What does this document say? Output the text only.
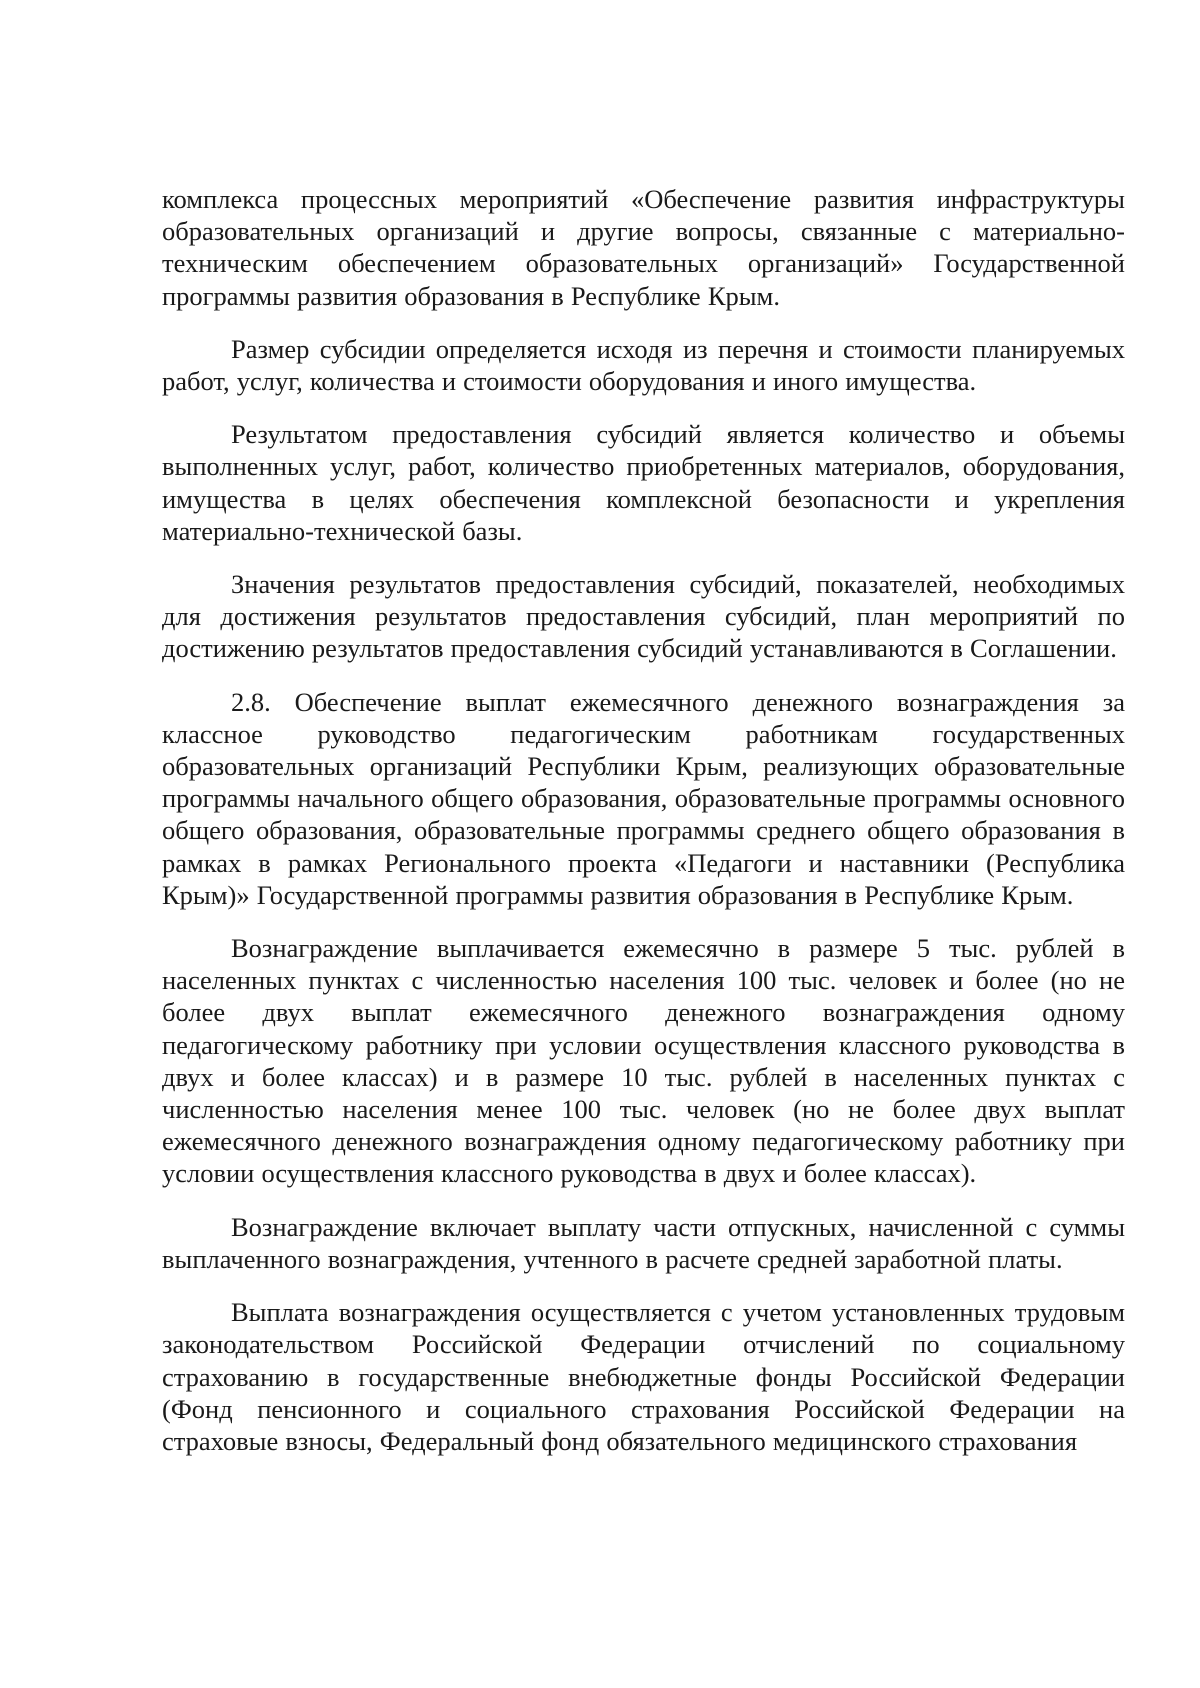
комплекса процессных мероприятий «Обеспечение развития инфраструктуры образовательных организаций и другие вопросы, связанные с материально-техническим обеспечением образовательных организаций» Государственной программы развития образования в Республике Крым.

Размер субсидии определяется исходя из перечня и стоимости планируемых работ, услуг, количества и стоимости оборудования и иного имущества.

Результатом предоставления субсидий является количество и объемы выполненных услуг, работ, количество приобретенных материалов, оборудования, имущества в целях обеспечения комплексной безопасности и укрепления материально-технической базы.

Значения результатов предоставления субсидий, показателей, необходимых для достижения результатов предоставления субсидий, план мероприятий по достижению результатов предоставления субсидий устанавливаются в Соглашении.

2.8. Обеспечение выплат ежемесячного денежного вознаграждения за классное руководство педагогическим работникам государственных образовательных организаций Республики Крым, реализующих образовательные программы начального общего образования, образовательные программы основного общего образования, образовательные программы среднего общего образования в рамках в рамках Регионального проекта «Педагоги и наставники (Республика Крым)» Государственной программы развития образования в Республике Крым.

Вознаграждение выплачивается ежемесячно в размере 5 тыс. рублей в населенных пунктах с численностью населения 100 тыс. человек и более (но не более двух выплат ежемесячного денежного вознаграждения одному педагогическому работнику при условии осуществления классного руководства в двух и более классах) и в размере 10 тыс. рублей в населенных пунктах с численностью населения менее 100 тыс. человек (но не более двух выплат ежемесячного денежного вознаграждения одному педагогическому работнику при условии осуществления классного руководства в двух и более классах).

Вознаграждение включает выплату части отпускных, начисленной с суммы выплаченного вознаграждения, учтенного в расчете средней заработной платы.

Выплата вознаграждения осуществляется с учетом установленных трудовым законодательством Российской Федерации отчислений по социальному страхованию в государственные внебюджетные фонды Российской Федерации (Фонд пенсионного и социального страхования Российской Федерации на страховые взносы, Федеральный фонд обязательного медицинского страхования
